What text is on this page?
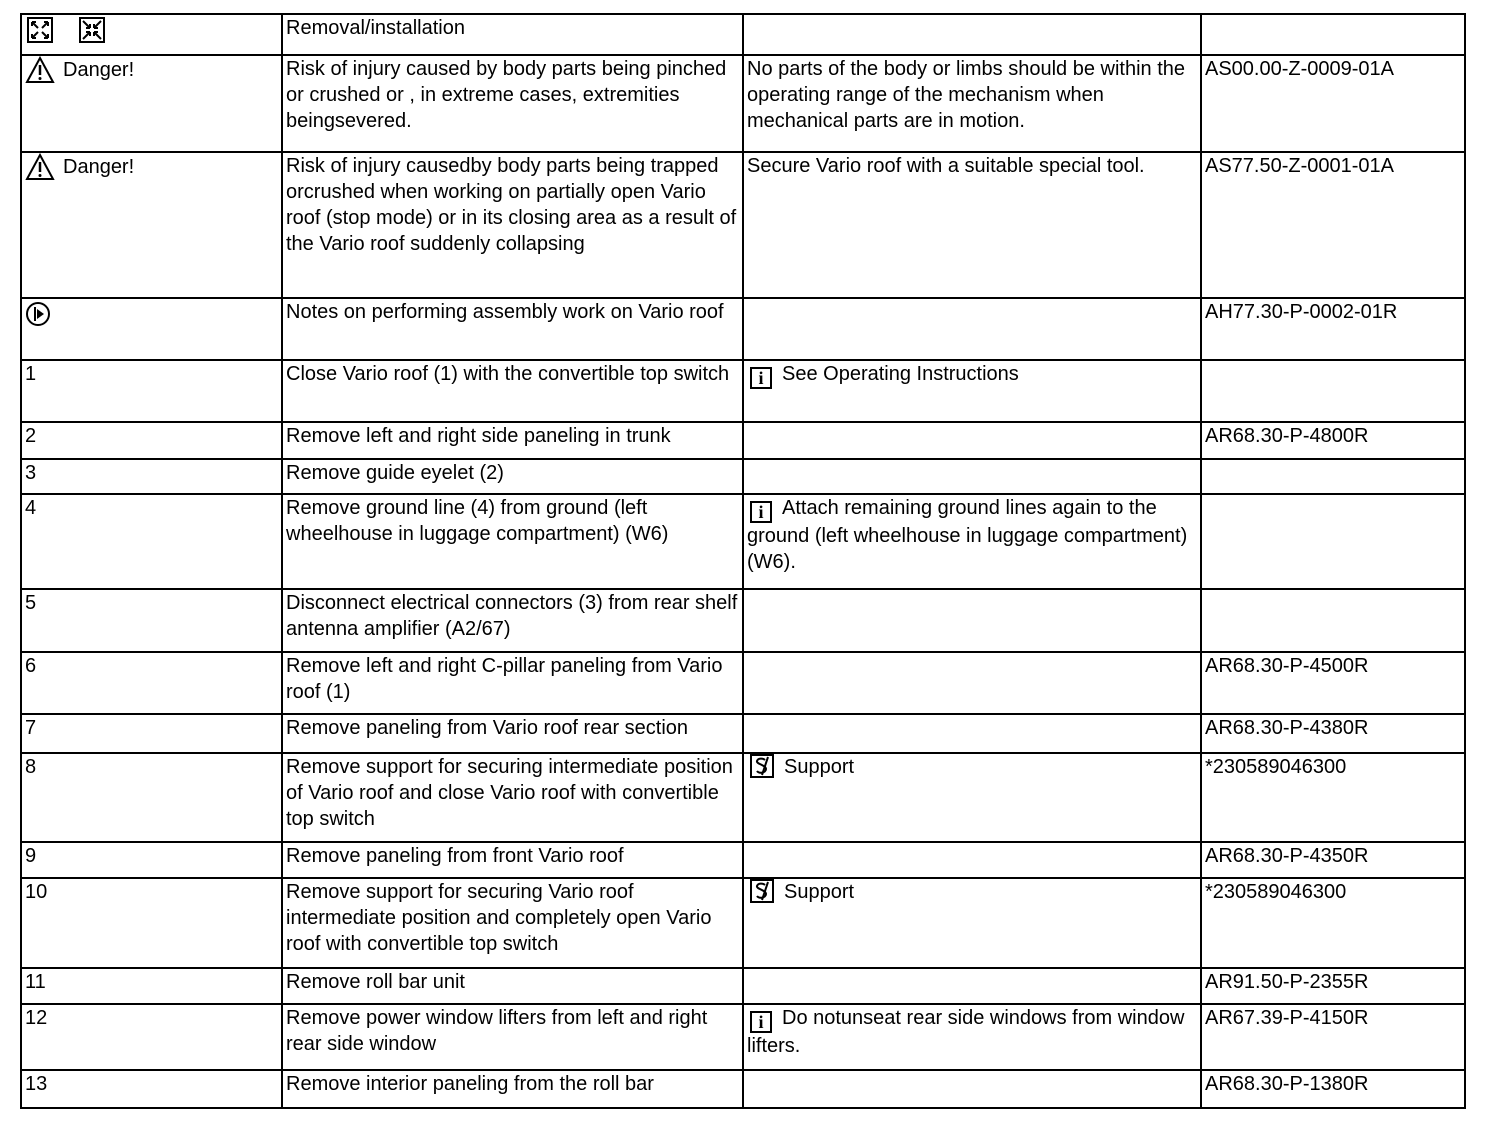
	Removal/installation		

Danger!	Risk of injury caused by body parts being pinched or crushed or , in extreme cases, extremities beingsevered.	No parts of the body or limbs should be within the operating range of the mechanism when mechanical parts are in motion.	AS00.00-Z-0009-01A

Danger!	Risk of injury causedby body parts being trapped orcrushed when working on partially open Vario roof (stop mode) or in its closing area as a result of the Vario roof suddenly collapsing	Secure Vario roof with a suitable special tool.	AS77.50-Z-0001-01A
	Notes on performing assembly work on Vario roof		AH77.30-P-0002-01R
1	Close Vario roof (1) with the convertible top switch	i See Operating Instructions	
2	Remove left and right side paneling in trunk		AR68.30-P-4800R
3	Remove guide eyelet (2)		
4	Remove ground line (4) from ground (left wheelhouse in luggage compartment) (W6)	i Attach remaining ground lines again to the ground (left wheelhouse in luggage compartment) (W6).	
5	Disconnect electrical connectors (3) from rear shelf antenna amplifier (A2/67)		
6	Remove left and right C-pillar paneling from Vario roof (1)		AR68.30-P-4500R
7	Remove paneling from Vario roof rear section		AR68.30-P-4380R
8	Remove support for securing intermediate position of Vario roof and close Vario roof with convertible top switch	Support	*230589046300
9	Remove paneling from front Vario roof		AR68.30-P-4350R
10	Remove support for securing Vario roof intermediate position and completely open Vario roof with convertible top switch	Support	*230589046300
11	Remove roll bar unit		AR91.50-P-2355R
12	Remove power window lifters from left and right rear side window	i Do notunseat rear side windows from window lifters.	AR67.39-P-4150R
13	Remove interior paneling from the roll bar		AR68.30-P-1380R
